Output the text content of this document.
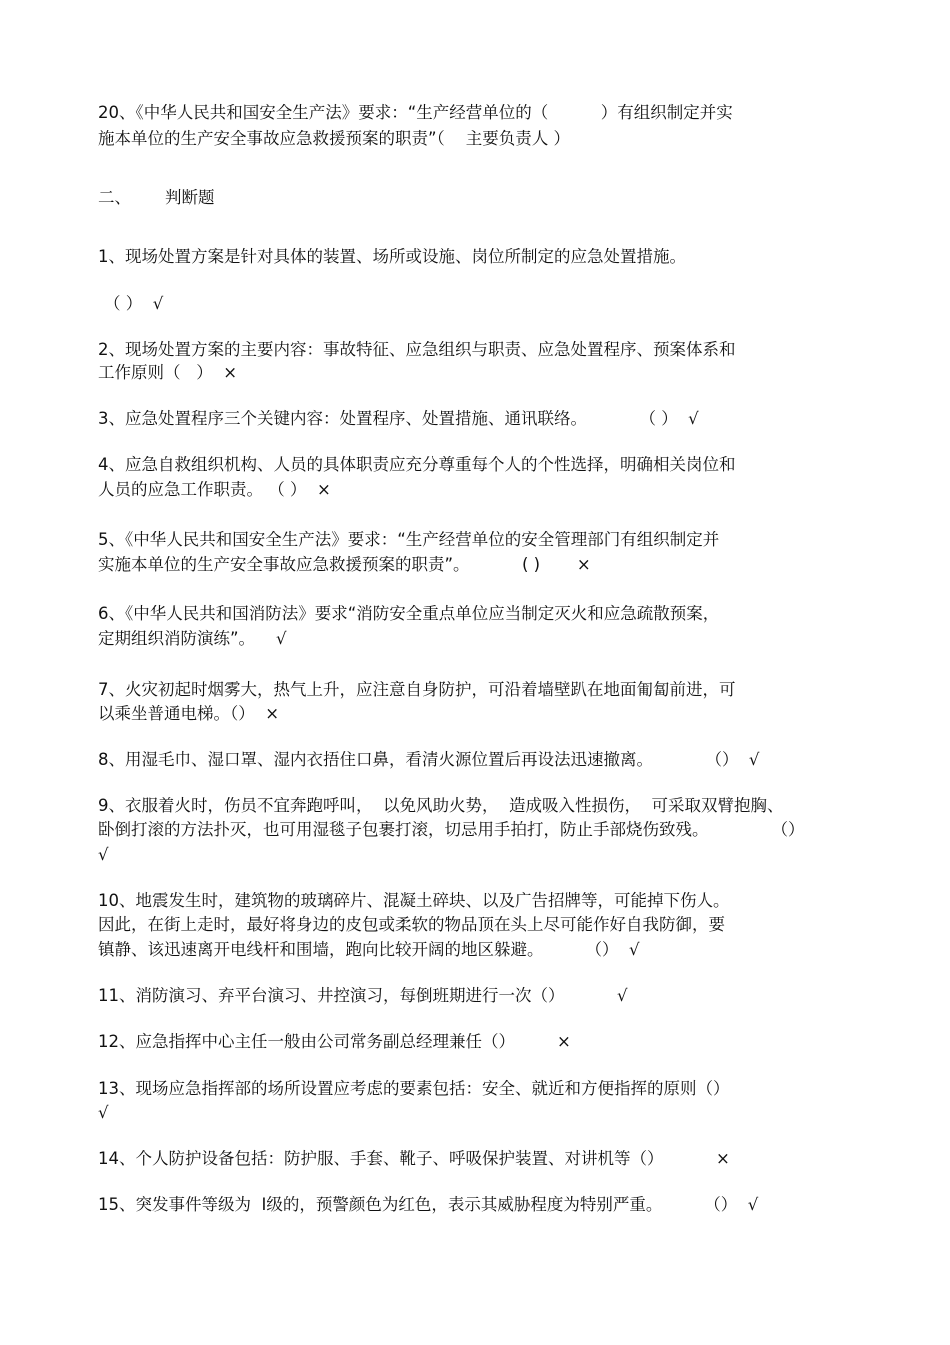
20、《中华人民共和国安全生产法》要求：“生产经营单位的（          ）有组织制定并实
施本单位的生产安全事故应急救援预案的职责”（    主要负责人 ）
二、 判断题
1、现场处置方案是针对具体的装置、场所或设施、岗位所制定的应急处置措施。
（ ）  √
2、现场处置方案的主要内容：事故特征、应急组织与职责、应急处置程序、预案体系和
工作原则（   ）  ×
3、应急处置程序三个关键内容：处置程序、处置措施、通讯联络。          （ ）  √
4、应急自救组织机构、人员的具体职责应充分尊重每个人的个性选择，明确相关岗位和
人员的应急工作职责。 （ ）  ×
5、《中华人民共和国安全生产法》要求：“生产经营单位的安全管理部门有组织制定并
实施本单位的生产安全事故应急救援预案的职责”。          ( )       ×
6、《中华人民共和国消防法》要求“消防安全重点单位应当制定灭火和应急疏散预案，
定期组织消防演练”。    √
7、火灾初起时烟雾大，热气上升，应注意自身防护，可沿着墙壁趴在地面匍匐前进，可
以乘坐普通电梯。（）  ×
8、用湿毛巾、湿口罩、湿内衣捂住口鼻，看清火源位置后再设法迅速撤离。          （）  √
9、衣服着火时，伤员不宜奔跑呼叫，  以免风助火势，  造成吸入性损伤，  可采取双臂抱胸、
卧倒打滚的方法扑灭，也可用湿毯子包裹打滚，切忌用手拍打，防止手部烧伤致残。            （）
√
10、地震发生时，建筑物的玻璃碎片、混凝土碎块、以及广告招牌等，可能掉下伤人。
因此，在街上走时，最好将身边的皮包或柔软的物品顶在头上尽可能作好自我防御，要
镇静、该迅速离开电线杆和围墙，跑向比较开阔的地区躲避。        （）  √
11、消防演习、弃平台演习、井控演习，每倒班期进行一次（）          √
12、应急指挥中心主任一般由公司常务副总经理兼任（）        ×
13、现场应急指挥部的场所设置应考虑的要素包括：安全、就近和方便指挥的原则（）
√
14、个人防护设备包括：防护服、手套、靴子、呼吸保护装置、对讲机等（）          ×
15、突发事件等级为  Ⅰ级的，预警颜色为红色，表示其威胁程度为特别严重。        （）  √
